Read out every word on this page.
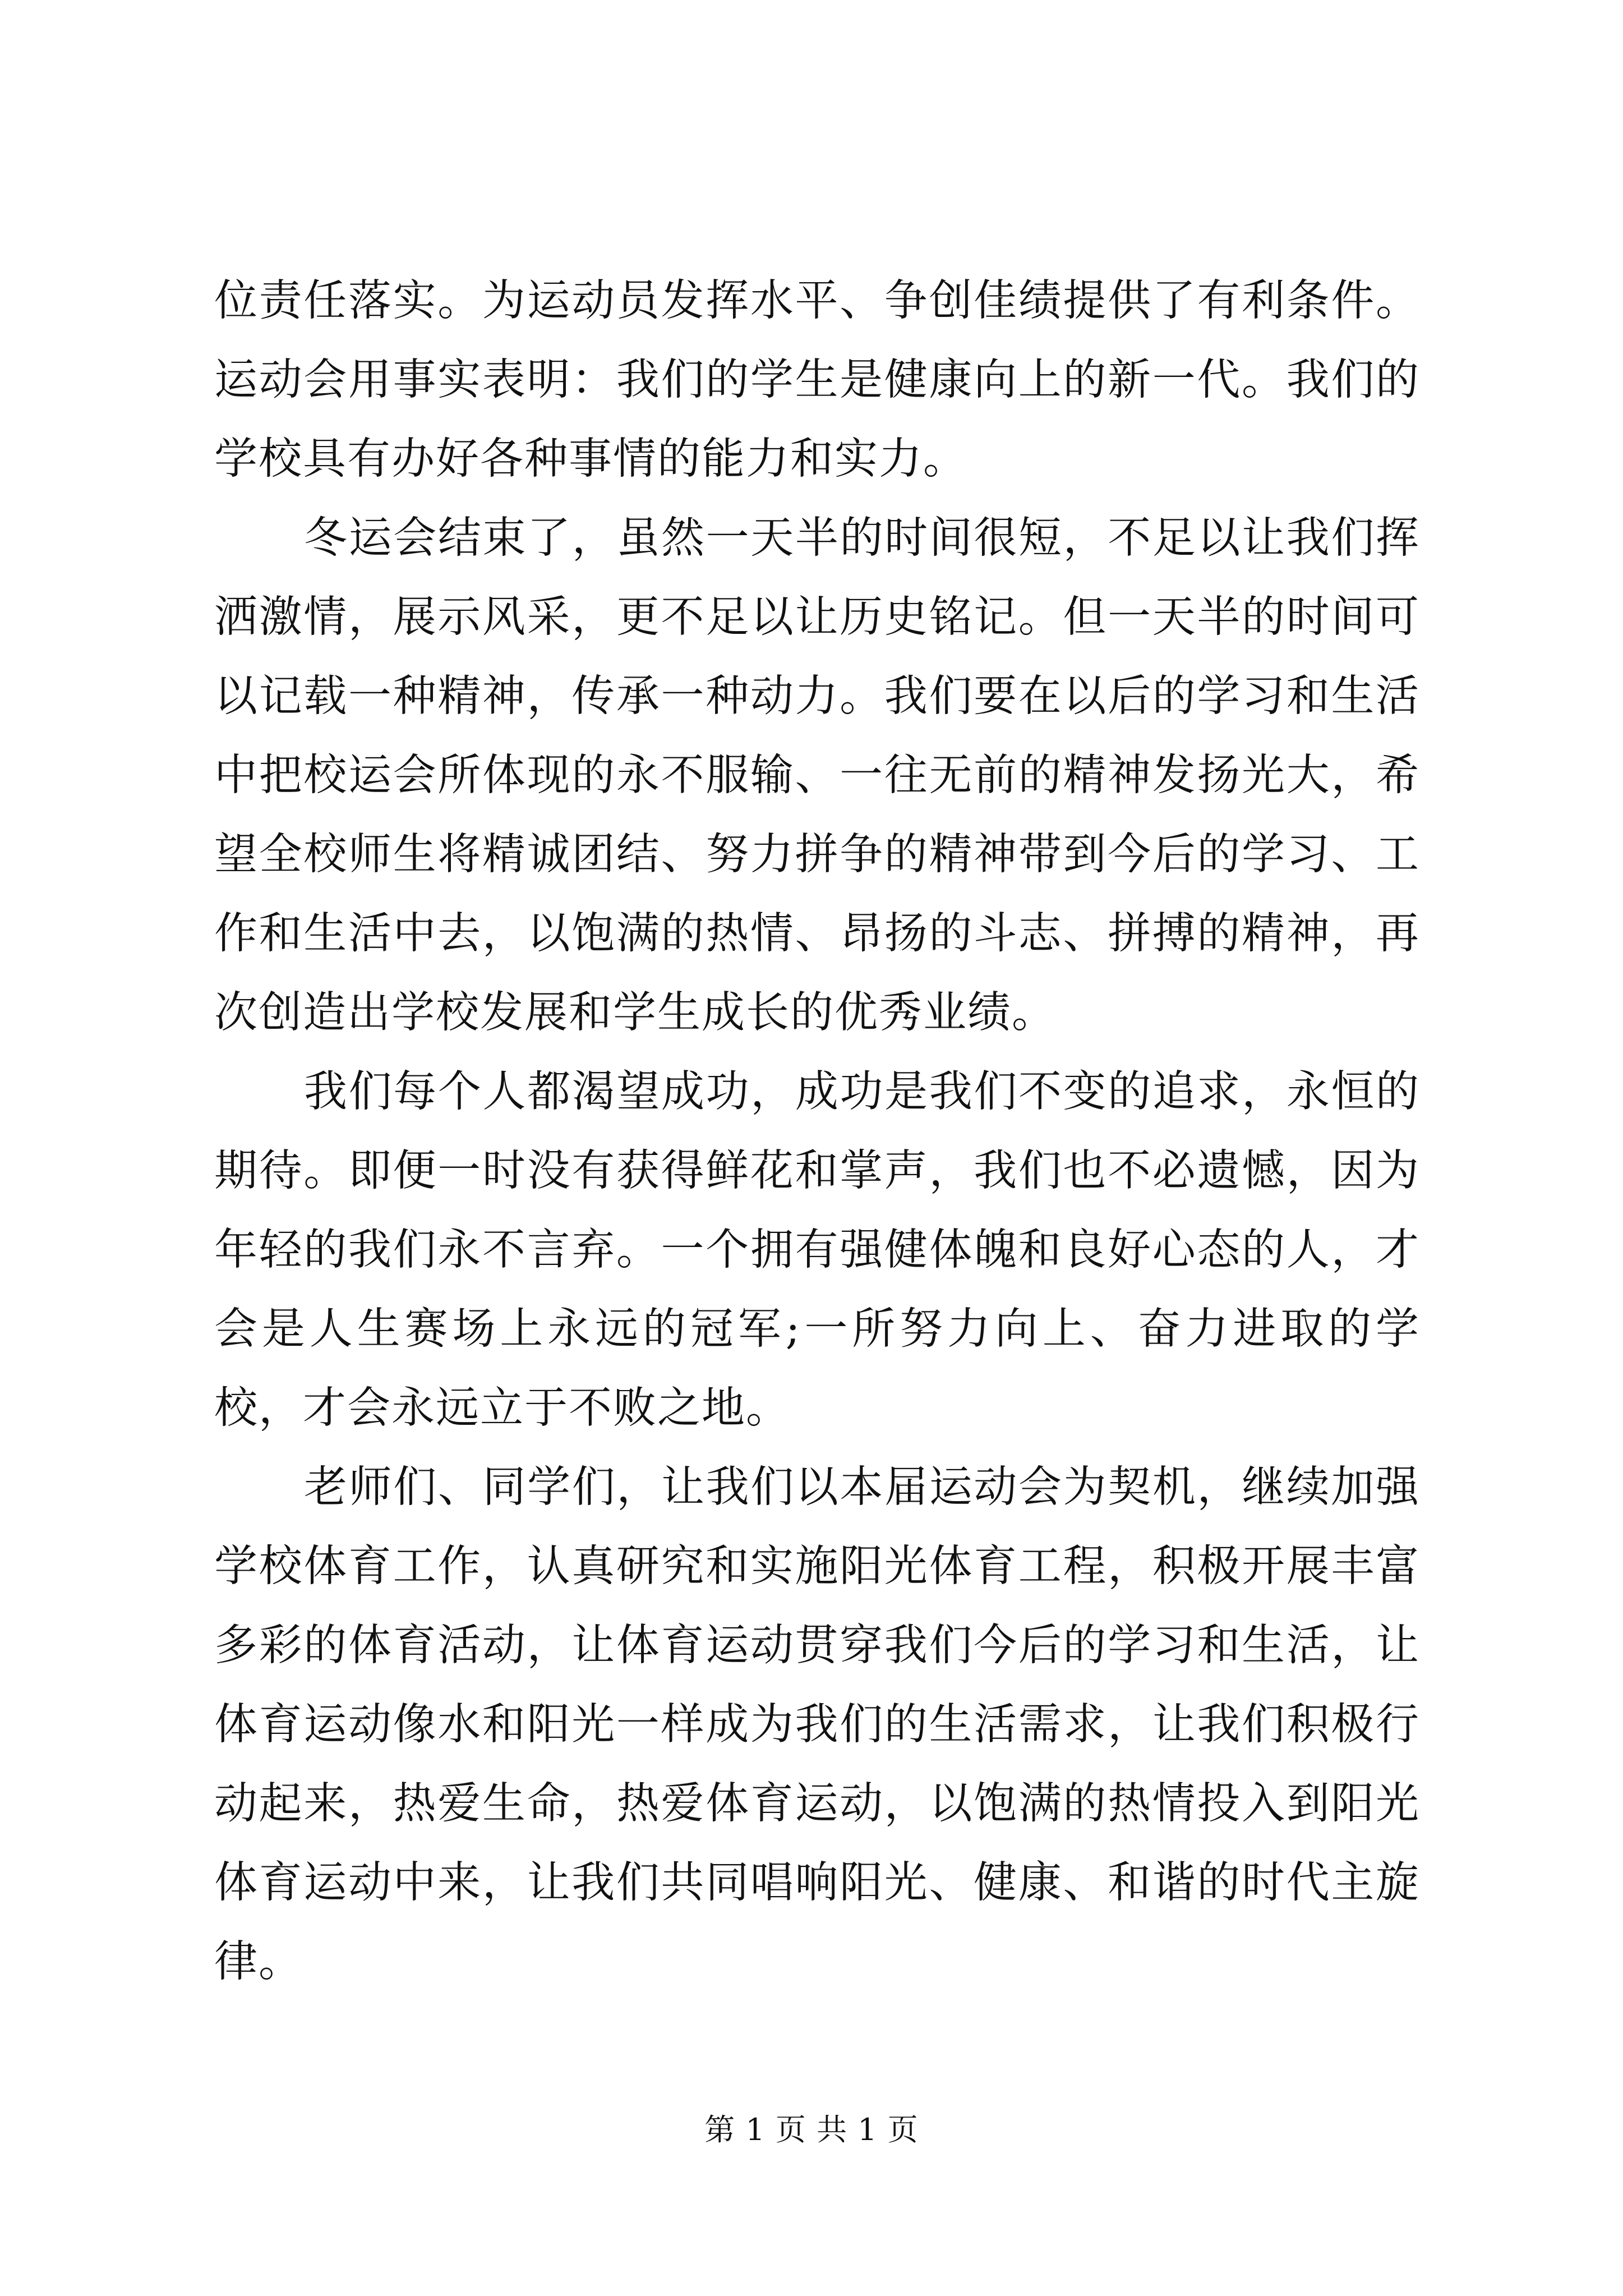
位责任落实。为运动员发挥水平、争创佳绩提供了有利条件。运动会用事实表明：我们的学生是健康向上的新一代。我们的学校具有办好各种事情的能力和实力。

冬运会结束了，虽然一天半的时间很短，不足以让我们挥洒激情，展示风采，更不足以让历史铭记。但一天半的时间可以记载一种精神，传承一种动力。我们要在以后的学习和生活中把校运会所体现的永不服输、一往无前的精神发扬光大，希望全校师生将精诚团结、努力拼争的精神带到今后的学习、工作和生活中去，以饱满的热情、昂扬的斗志、拼搏的精神，再次创造出学校发展和学生成长的优秀业绩。

我们每个人都渴望成功，成功是我们不变的追求，永恒的期待。即便一时没有获得鲜花和掌声，我们也不必遗憾，因为年轻的我们永不言弃。一个拥有强健体魄和良好心态的人，才会是人生赛场上永远的冠军;一所努力向上、奋力进取的学校，才会永远立于不败之地。

老师们、同学们，让我们以本届运动会为契机，继续加强学校体育工作，认真研究和实施阳光体育工程，积极开展丰富多彩的体育活动，让体育运动贯穿我们今后的学习和生活，让体育运动像水和阳光一样成为我们的生活需求，让我们积极行动起来，热爱生命，热爱体育运动，以饱满的热情投入到阳光体育运动中来，让我们共同唱响阳光、健康、和谐的时代主旋律。

第 1 页 共 1 页
